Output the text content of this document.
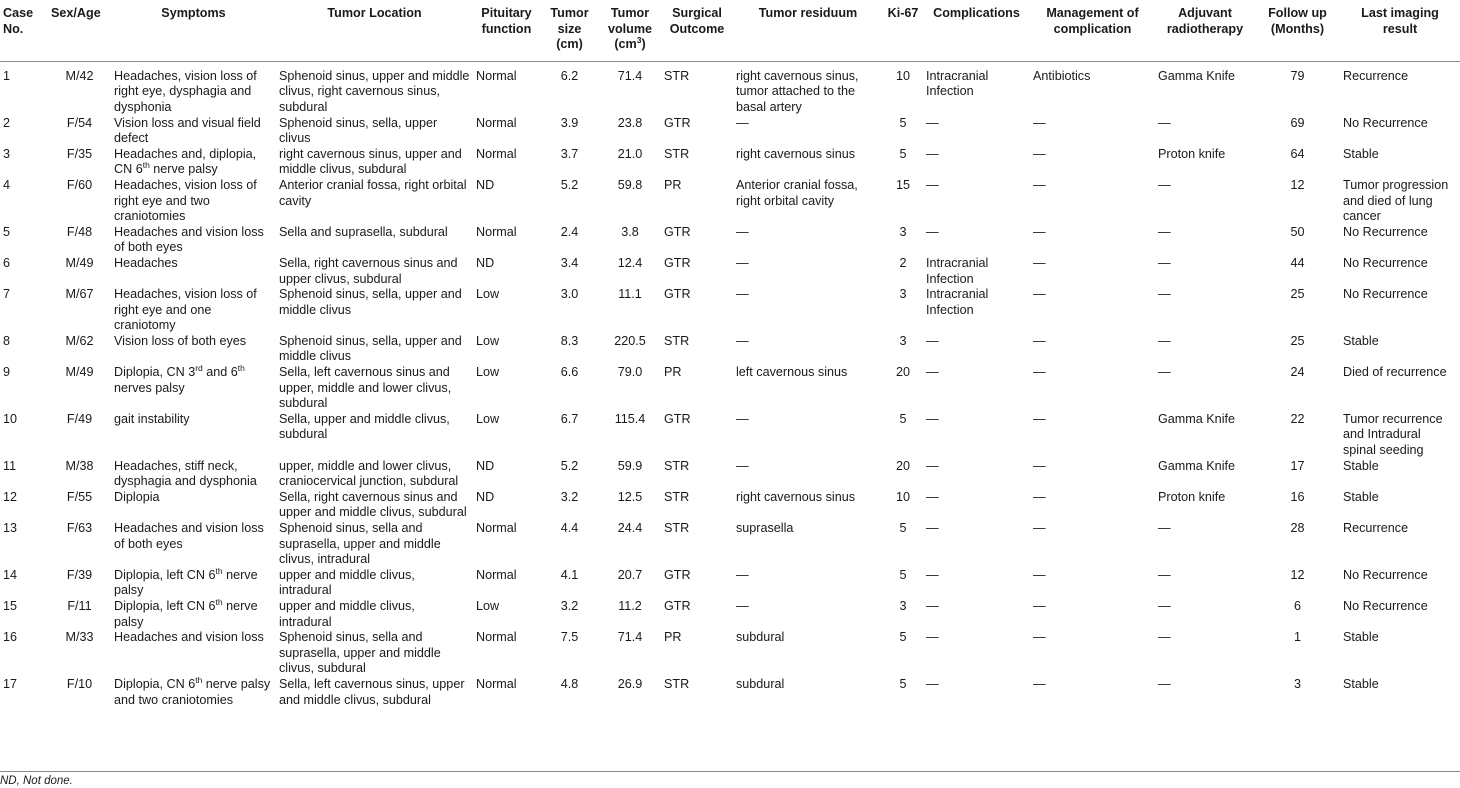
Case No.	Sex/Age	Symptoms	Tumor Location	Pituitary function	Tumor size (cm)	Tumor volume $(cm^3)$	Surgical Outcome	Tumor residuum	Ki-67	Complications	Management of complication	Adjuvant radiotherapy	Follow up (Months)	Last imaging result
1	M/42	Headaches, vision loss of right eye, dysphagia and dysphonia	Sphenoid sinus, upper and middle clivus, right cavernous sinus, subdural	Normal	6.2	71.4	STR	right cavernous sinus, tumor attached to the basal artery	10	Intracranial Infection	Antibiotics	Gamma Knife	79	Recurrence
2	F/54	Vision loss and visual field defect	Sphenoid sinus, sella, upper clivus	Normal	3.9	23.8	GTR	—	5	—	—	—	69	No Recurrence
3	F/35	Headaches and, diplopia, CN 6th nerve palsy	right cavernous sinus, upper and middle clivus, subdural	Normal	3.7	21.0	STR	right cavernous sinus	5	—	—	Proton knife	64	Stable
4	F/60	Headaches, vision loss of right eye and two craniotomies	Anterior cranial fossa, right orbital cavity	ND	5.2	59.8	PR	Anterior cranial fossa, right orbital cavity	15	—	—	—	12	Tumor progression and died of lung cancer
5	F/48	Headaches and vision loss of both eyes	Sella and suprasella, subdural	Normal	2.4	3.8	GTR	—	3	—	—	—	50	No Recurrence
6	M/49	Headaches	Sella, right cavernous sinus and upper clivus, subdural	ND	3.4	12.4	GTR	—	2	Intracranial Infection	—	—	44	No Recurrence
7	M/67	Headaches, vision loss of right eye and one craniotomy	Sphenoid sinus, sella, upper and middle clivus	Low	3.0	11.1	GTR	—	3	Intracranial Infection	—	—	25	No Recurrence
8	M/62	Vision loss of both eyes	Sphenoid sinus, sella, upper and middle clivus	Low	8.3	220.5	STR	—	3	—	—	—	25	Stable
9	M/49	Diplopia, CN 3rd and 6th nerves palsy	Sella, left cavernous sinus and upper, middle and lower clivus, subdural	Low	6.6	79.0	PR	left cavernous sinus	20	—	—	—	24	Died of recurrence
10	F/49	gait instability	Sella, upper and middle clivus, subdural	Low	6.7	115.4	GTR	—	5	—	—	Gamma Knife	22	Tumor recurrence and Intradural spinal seeding
11	M/38	Headaches, stiff neck, dysphagia and dysphonia	upper, middle and lower clivus, craniocervical junction, subdural	ND	5.2	59.9	STR	—	20	—	—	Gamma Knife	17	Stable
12	F/55	Diplopia	Sella, right cavernous sinus and upper and middle clivus, subdural	ND	3.2	12.5	STR	right cavernous sinus	10	—	—	Proton knife	16	Stable
13	F/63	Headaches and vision loss of both eyes	Sphenoid sinus, sella and suprasella, upper and middle clivus, intradural	Normal	4.4	24.4	STR	suprasella	5	—	—	—	28	Recurrence
14	F/39	Diplopia, left CN 6th nerve palsy	upper and middle clivus, intradural	Normal	4.1	20.7	GTR	—	5	—	—	—	12	No Recurrence
15	F/11	Diplopia, left CN 6th nerve palsy	upper and middle clivus, intradural	Low	3.2	11.2	GTR	—	3	—	—	—	6	No Recurrence
16	M/33	Headaches and vision loss	Sphenoid sinus, sella and suprasella, upper and middle clivus, subdural	Normal	7.5	71.4	PR	subdural	5	—	—	—	1	Stable
17	F/10	Diplopia, CN 6th nerve palsy and two craniotomies	Sella, left cavernous sinus, upper and middle clivus, subdural	Normal	4.8	26.9	STR	subdural	5	—	—	—	3	Stable
ND, Not done.
